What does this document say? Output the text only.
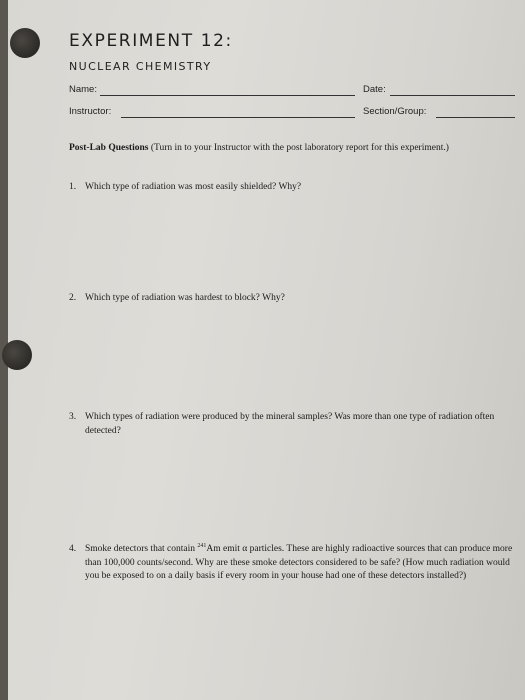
EXPERIMENT 12:
NUCLEAR CHEMISTRY
Name:	Date:
Instructor:	Section/Group:
Post-Lab Questions (Turn in to your Instructor with the post laboratory report for this experiment.)
1. Which type of radiation was most easily shielded? Why?
2. Which type of radiation was hardest to block? Why?
3. Which types of radiation were produced by the mineral samples? Was more than one type of radiation often detected?
4. Smoke detectors that contain $^{241}$Am emit α particles. These are highly radioactive sources that can produce more than 100,000 counts/second. Why are these smoke detectors considered to be safe? (How much radiation would you be exposed to on a daily basis if every room in your house had one of these detectors installed?)
